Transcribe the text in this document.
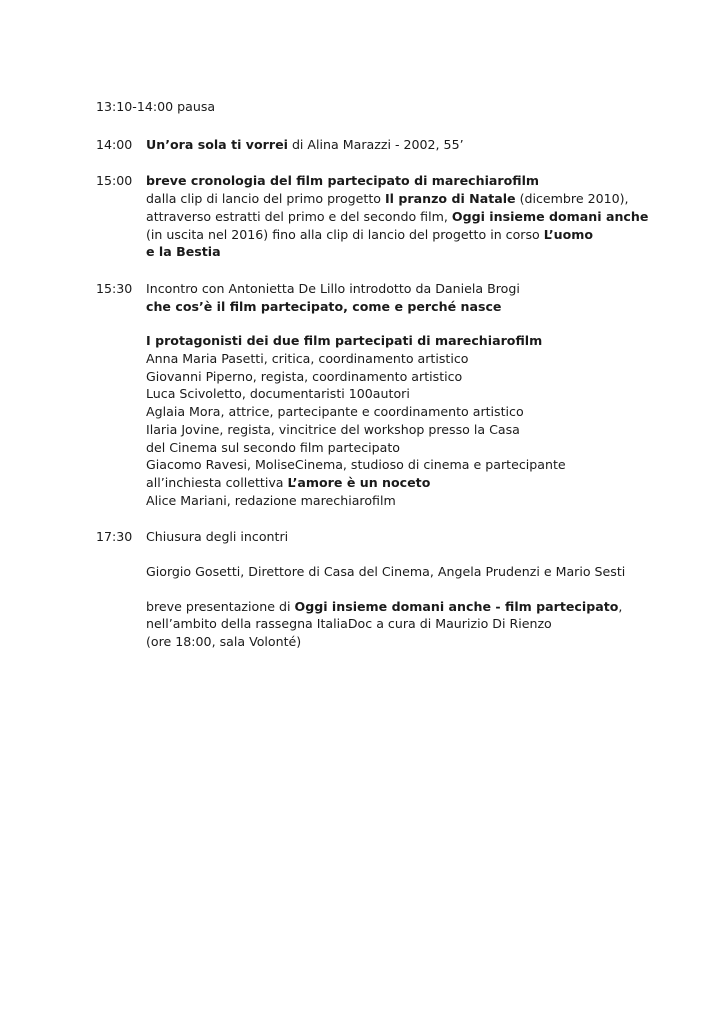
13:10-14:00 pausa
14:00	Un’ora sola ti vorrei di Alina Marazzi - 2002, 55’
15:00	breve cronologia del film partecipato di marechiarofilm
dalla clip di lancio del primo progetto Il pranzo di Natale (dicembre 2010),
attraverso estratti del primo e del secondo film, Oggi insieme domani anche
(in uscita nel 2016) fino alla clip di lancio del progetto in corso L’uomo
e la Bestia
15:30	Incontro con Antonietta De Lillo introdotto da Daniela Brogi
che cos’è il film partecipato, come e perché nasce
I protagonisti dei due film partecipati di marechiarofilm
Anna Maria Pasetti, critica, coordinamento artistico
Giovanni Piperno, regista, coordinamento artistico
Luca Scivoletto, documentaristi 100autori
Aglaia Mora, attrice, partecipante e coordinamento artistico
Ilaria Jovine, regista, vincitrice del workshop presso la Casa
del Cinema sul secondo film partecipato
Giacomo Ravesi, MoliseCinema, studioso di cinema e partecipante
all’inchiesta collettiva L’amore è un noceto
Alice Mariani, redazione marechiarofilm
17:30	Chiusura degli incontri
Giorgio Gosetti, Direttore di Casa del Cinema, Angela Prudenzi e Mario Sesti
breve presentazione di Oggi insieme domani anche - film partecipato,
nell’ambito della rassegna ItaliaDoc a cura di Maurizio Di Rienzo
(ore 18:00, sala Volonté)
